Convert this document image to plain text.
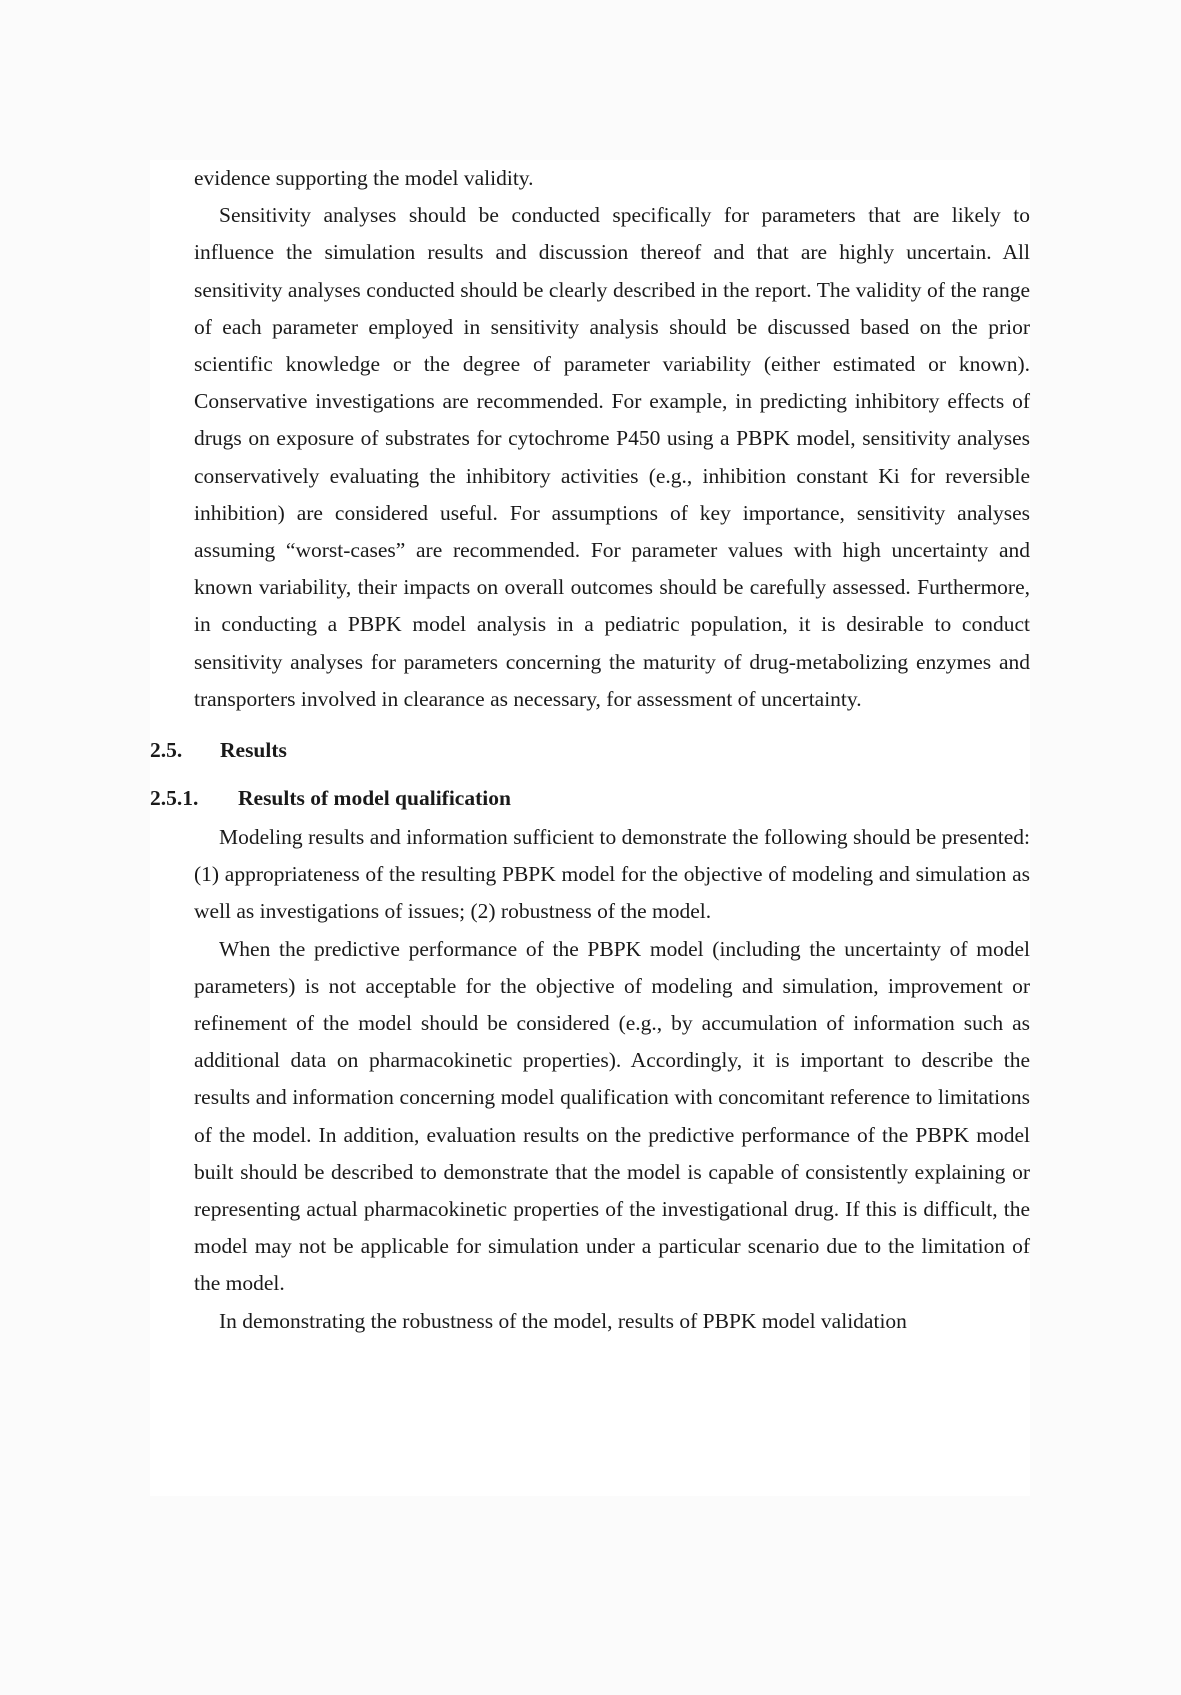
evidence supporting the model validity.

Sensitivity analyses should be conducted specifically for parameters that are likely to influence the simulation results and discussion thereof and that are highly uncertain. All sensitivity analyses conducted should be clearly described in the report. The validity of the range of each parameter employed in sensitivity analysis should be discussed based on the prior scientific knowledge or the degree of parameter variability (either estimated or known). Conservative investigations are recommended. For example, in predicting inhibitory effects of drugs on exposure of substrates for cytochrome P450 using a PBPK model, sensitivity analyses conservatively evaluating the inhibitory activities (e.g., inhibition constant Ki for reversible inhibition) are considered useful. For assumptions of key importance, sensitivity analyses assuming “worst-cases” are recommended. For parameter values with high uncertainty and known variability, their impacts on overall outcomes should be carefully assessed. Furthermore, in conducting a PBPK model analysis in a pediatric population, it is desirable to conduct sensitivity analyses for parameters concerning the maturity of drug-metabolizing enzymes and transporters involved in clearance as necessary, for assessment of uncertainty.

2.5.	Results
2.5.1.	Results of model qualification

Modeling results and information sufficient to demonstrate the following should be presented: (1) appropriateness of the resulting PBPK model for the objective of modeling and simulation as well as investigations of issues; (2) robustness of the model.

When the predictive performance of the PBPK model (including the uncertainty of model parameters) is not acceptable for the objective of modeling and simulation, improvement or refinement of the model should be considered (e.g., by accumulation of information such as additional data on pharmacokinetic properties). Accordingly, it is important to describe the results and information concerning model qualification with concomitant reference to limitations of the model. In addition, evaluation results on the predictive performance of the PBPK model built should be described to demonstrate that the model is capable of consistently explaining or representing actual pharmacokinetic properties of the investigational drug. If this is difficult, the model may not be applicable for simulation under a particular scenario due to the limitation of the model.

In demonstrating the robustness of the model, results of PBPK model validation
